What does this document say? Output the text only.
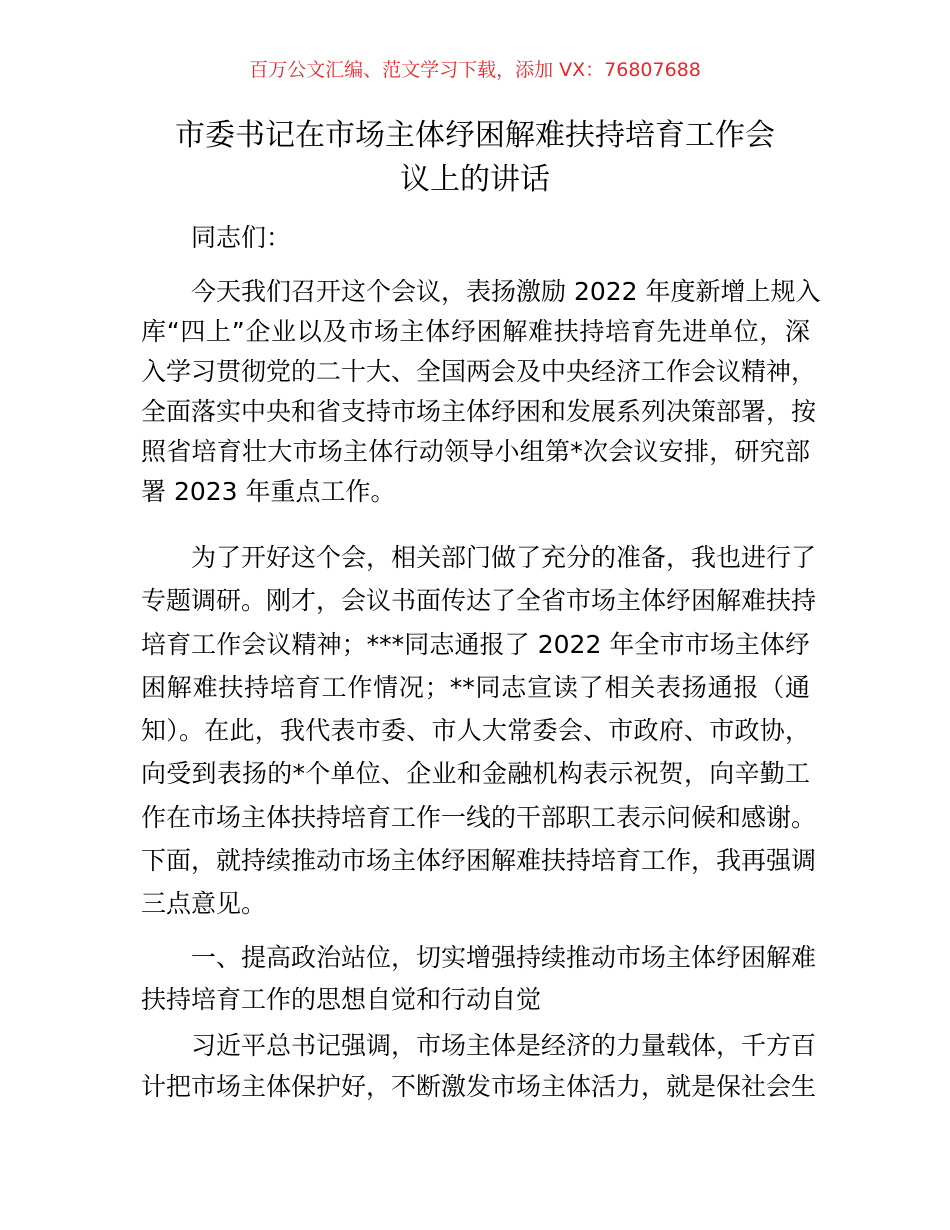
百万公文汇编、范文学习下载，添加 VX：76807688
市委书记在市场主体纾困解难扶持培育工作会
议上的讲话
同志们：
今天我们召开这个会议，表扬激励 2022 年度新增上规入
库“四上”企业以及市场主体纾困解难扶持培育先进单位，深
入学习贯彻党的二十大、全国两会及中央经济工作会议精神，
全面落实中央和省支持市场主体纾困和发展系列决策部署，按
照省培育壮大市场主体行动领导小组第*次会议安排，研究部
署 2023 年重点工作。
为了开好这个会，相关部门做了充分的准备，我也进行了
专题调研。刚才，会议书面传达了全省市场主体纾困解难扶持
培育工作会议精神；***同志通报了 2022 年全市市场主体纾
困解难扶持培育工作情况；**同志宣读了相关表扬通报（通
知）。在此，我代表市委、市人大常委会、市政府、市政协，
向受到表扬的*个单位、企业和金融机构表示祝贺，向辛勤工
作在市场主体扶持培育工作一线的干部职工表示问候和感谢。
下面，就持续推动市场主体纾困解难扶持培育工作，我再强调
三点意见。
一、提高政治站位，切实增强持续推动市场主体纾困解难
扶持培育工作的思想自觉和行动自觉
习近平总书记强调，市场主体是经济的力量载体，千方百
计把市场主体保护好，不断激发市场主体活力，就是保社会生
